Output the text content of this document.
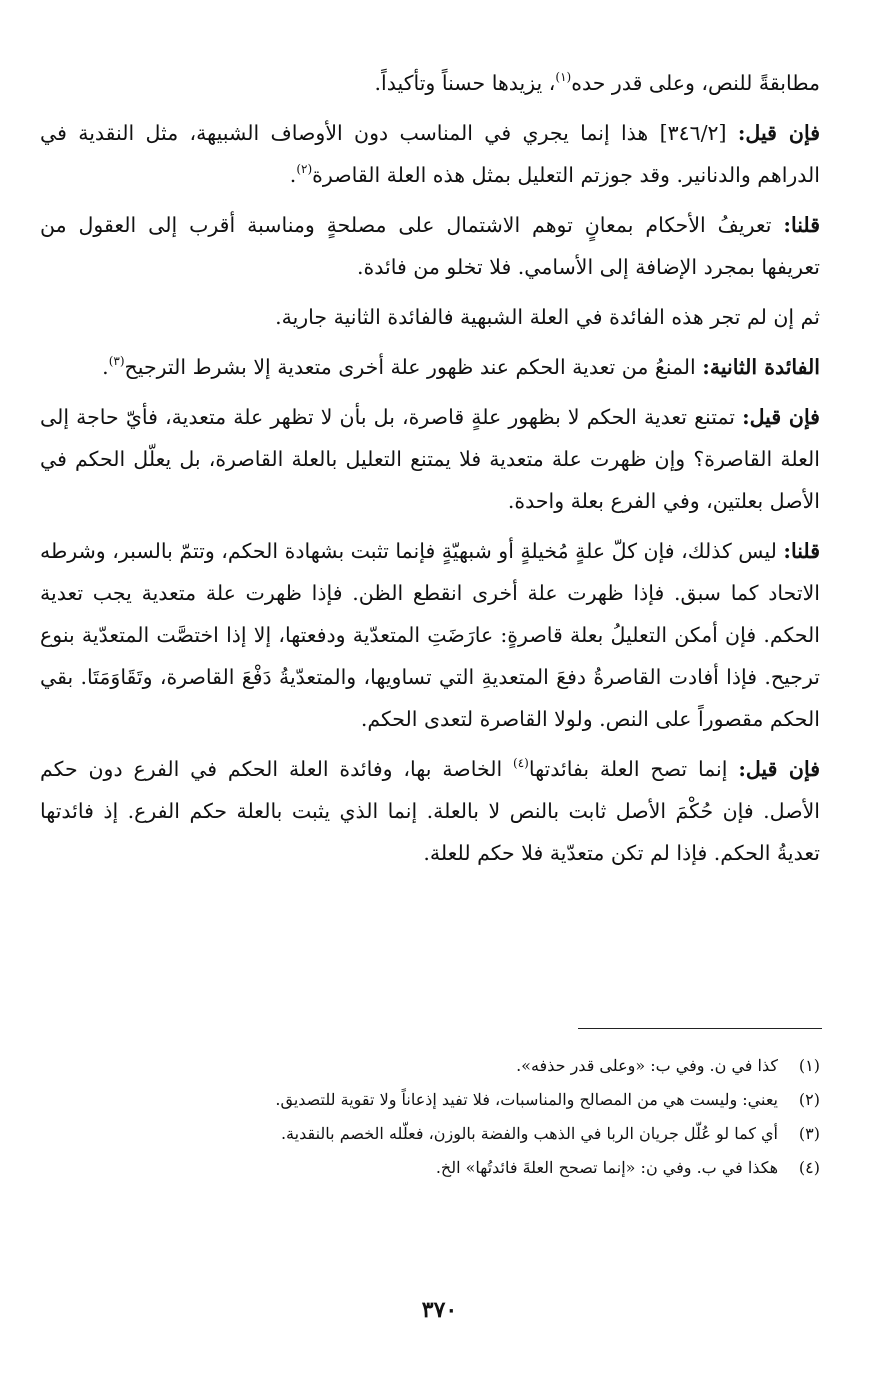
مطابقةً للنص، وعلى قدر حده$^{(١)}$، يزيدها حسناً وتأكيداً.

فإن قيل: [٣٤٦/٢] هذا إنما يجري في المناسب دون الأوصاف الشبيهة، مثل النقدية في الدراهم والدنانير. وقد جوزتم التعليل بمثل هذه العلة القاصرة$^{(٢)}$.

قلنا: تعريفُ الأحكام بمعانٍ توهم الاشتمال على مصلحةٍ ومناسبة أقرب إلى العقول من تعريفها بمجرد الإضافة إلى الأسامي. فلا تخلو من فائدة.

ثم إن لم تجر هذه الفائدة في العلة الشبهية فالفائدة الثانية جارية.

الفائدة الثانية: المنعُ من تعدية الحكم عند ظهور علة أخرى متعدية إلا بشرط الترجيح$^{(٣)}$.

فإن قيل: تمتنع تعدية الحكم لا بظهور علةٍ قاصرة، بل بأن لا تظهر علة متعدية، فأيّ حاجة إلى العلة القاصرة؟ وإن ظهرت علة متعدية فلا يمتنع التعليل بالعلة القاصرة، بل يعلّل الحكم في الأصل بعلتين، وفي الفرع بعلة واحدة.

قلنا: ليس كذلك، فإن كلّ علةٍ مُخيلةٍ أو شبهيّةٍ فإنما تثبت بشهادة الحكم، وتتمّ بالسبر، وشرطه الاتحاد كما سبق. فإذا ظهرت علة أخرى انقطع الظن. فإذا ظهرت علة متعدية يجب تعدية الحكم. فإن أمكن التعليلُ بعلة قاصرةٍ: عارَضَتِ المتعدّية ودفعتها، إلا إذا اختصَّت المتعدّية بنوع ترجيح. فإذا أفادت القاصرةُ دفعَ المتعديةِ التي تساويها، والمتعدّيةُ دَفْعَ القاصرة، وتَقَاوَمَتَا. بقي الحكم مقصوراً على النص. ولولا القاصرة لتعدى الحكم.

فإن قيل: إنما تصح العلة بفائدتها$^{(٤)}$ الخاصة بها، وفائدة العلة الحكم في الفرع دون حكم الأصل. فإن حُكْمَ الأصل ثابت بالنص لا بالعلة. إنما الذي يثبت بالعلة حكم الفرع. إذ فائدتها تعديةُ الحكم. فإذا لم تكن متعدّية فلا حكم للعلة.

(١)
كذا في ن. وفي ب: «وعلى قدر حذفه».
(٢)
يعني: وليست هي من المصالح والمناسبات، فلا تفيد إذعاناً ولا تقوية للتصديق.
(٣)
أي كما لو عُلّل جريان الربا في الذهب والفضة بالوزن، فعلّله الخصم بالنقدية.
(٤)
هكذا في ب. وفي ن: «إنما تصحح العلةَ فائدتُها» الخ.
٣٧٠
